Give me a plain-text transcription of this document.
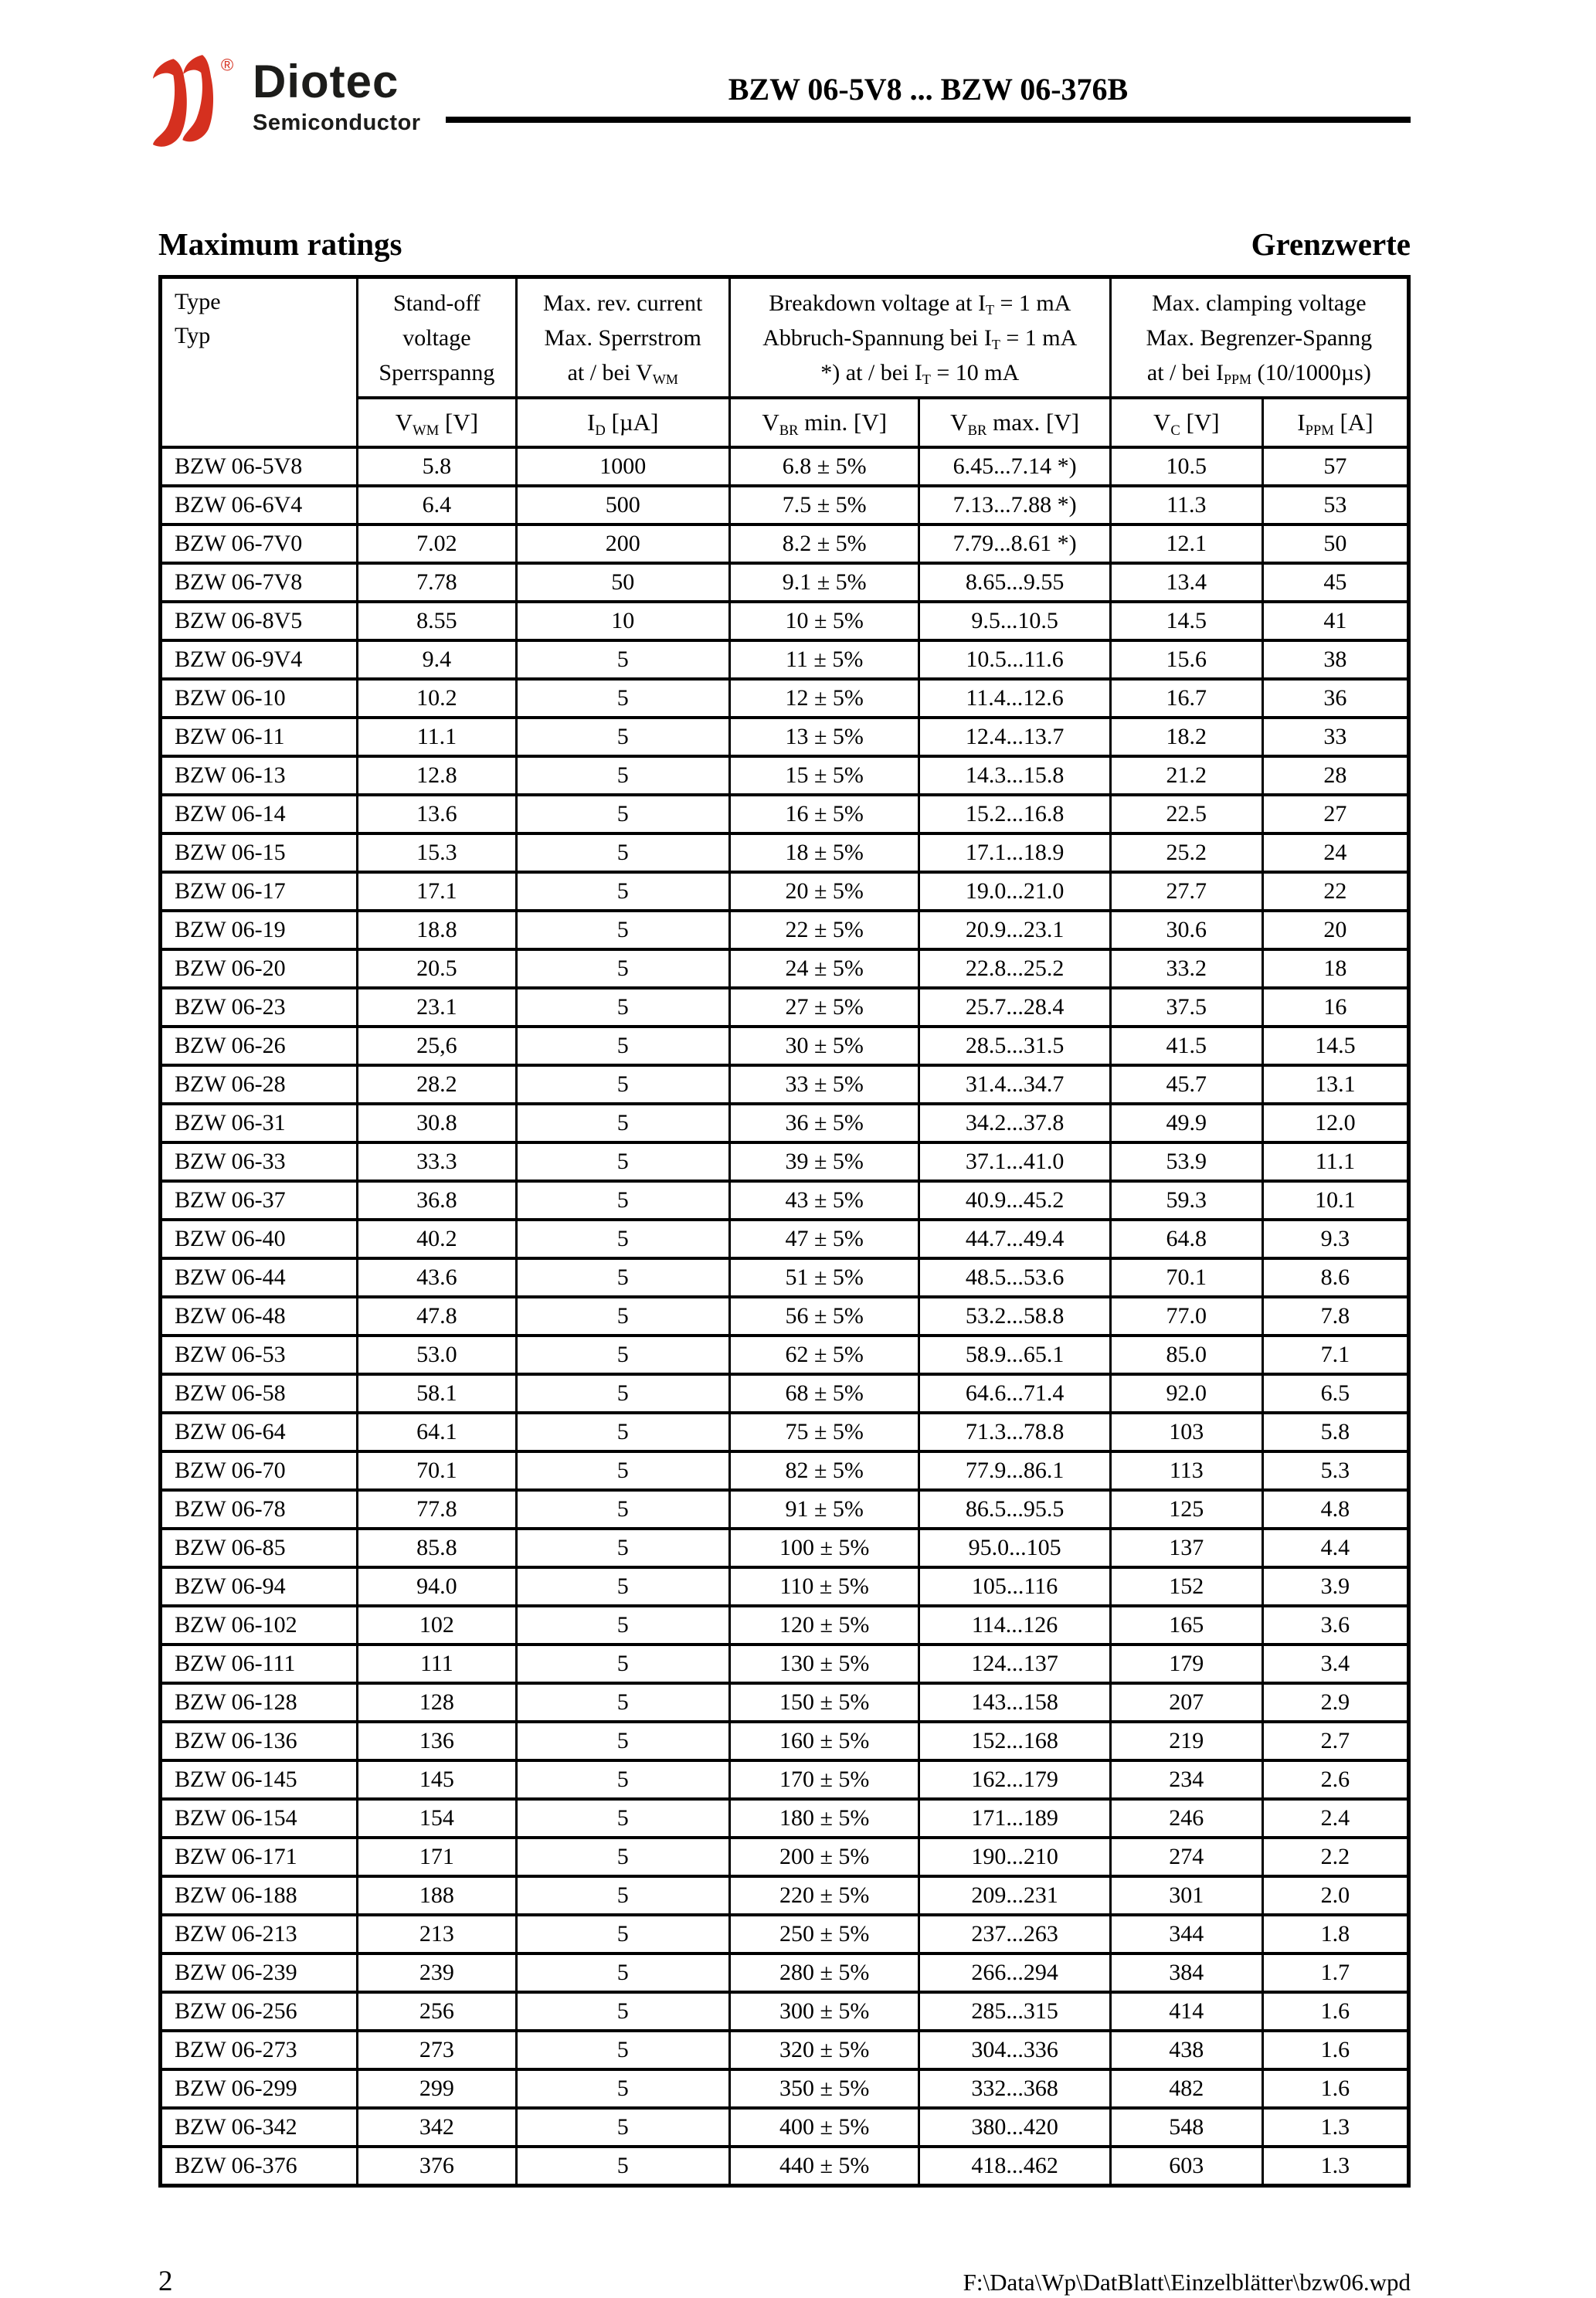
® Diotec
Semiconductor
BZW 06-5V8 ... BZW 06-376B
Maximum ratings	Grenzwerte
Type
Typ

Stand-off
voltage
Sperrspanng

Max. rev. current
Max. Sperrstrom
at / bei $V_{WM}$

Breakdown voltage at $I_T = 1$ mA
Abbruch-Spannung bei $I_T = 1$ mA
*) at / bei $I_T = 10$ mA

Max. clamping voltage
Max. Begrenzer-Spanng
at / bei $I_{PPM}$ (10/1000µs)

	$V_{WM}$ [V]	$I_D$ [µA]	$V_{BR}$ min. [V]	$V_{BR}$ max. [V]	$V_C$ [V]	$I_{PPM}$ [A]
BZW 06-5V8	5.8	1000	6.8 ± 5%	6.45...7.14 *)	10.5	57
BZW 06-6V4	6.4	500	7.5 ± 5%	7.13...7.88 *)	11.3	53
BZW 06-7V0	7.02	200	8.2 ± 5%	7.79...8.61 *)	12.1	50
BZW 06-7V8	7.78	50	9.1 ± 5%	8.65...9.55	13.4	45
BZW 06-8V5	8.55	10	10 ± 5%	9.5...10.5	14.5	41
BZW 06-9V4	9.4	5	11 ± 5%	10.5...11.6	15.6	38
BZW 06-10	10.2	5	12 ± 5%	11.4...12.6	16.7	36
BZW 06-11	11.1	5	13 ± 5%	12.4...13.7	18.2	33
BZW 06-13	12.8	5	15 ± 5%	14.3...15.8	21.2	28
BZW 06-14	13.6	5	16 ± 5%	15.2...16.8	22.5	27
BZW 06-15	15.3	5	18 ± 5%	17.1...18.9	25.2	24
BZW 06-17	17.1	5	20 ± 5%	19.0...21.0	27.7	22
BZW 06-19	18.8	5	22 ± 5%	20.9...23.1	30.6	20
BZW 06-20	20.5	5	24 ± 5%	22.8...25.2	33.2	18
BZW 06-23	23.1	5	27 ± 5%	25.7...28.4	37.5	16
BZW 06-26	25,6	5	30 ± 5%	28.5...31.5	41.5	14.5
BZW 06-28	28.2	5	33 ± 5%	31.4...34.7	45.7	13.1
BZW 06-31	30.8	5	36 ± 5%	34.2...37.8	49.9	12.0
BZW 06-33	33.3	5	39 ± 5%	37.1...41.0	53.9	11.1
BZW 06-37	36.8	5	43 ± 5%	40.9...45.2	59.3	10.1
BZW 06-40	40.2	5	47 ± 5%	44.7...49.4	64.8	9.3
BZW 06-44	43.6	5	51 ± 5%	48.5...53.6	70.1	8.6
BZW 06-48	47.8	5	56 ± 5%	53.2...58.8	77.0	7.8
BZW 06-53	53.0	5	62 ± 5%	58.9...65.1	85.0	7.1
BZW 06-58	58.1	5	68 ± 5%	64.6...71.4	92.0	6.5
BZW 06-64	64.1	5	75 ± 5%	71.3...78.8	103	5.8
BZW 06-70	70.1	5	82 ± 5%	77.9...86.1	113	5.3
BZW 06-78	77.8	5	91 ± 5%	86.5...95.5	125	4.8
BZW 06-85	85.8	5	100 ± 5%	95.0...105	137	4.4
BZW 06-94	94.0	5	110 ± 5%	105...116	152	3.9
BZW 06-102	102	5	120 ± 5%	114...126	165	3.6
BZW 06-111	111	5	130 ± 5%	124...137	179	3.4
BZW 06-128	128	5	150 ± 5%	143...158	207	2.9
BZW 06-136	136	5	160 ± 5%	152...168	219	2.7
BZW 06-145	145	5	170 ± 5%	162...179	234	2.6
BZW 06-154	154	5	180 ± 5%	171...189	246	2.4
BZW 06-171	171	5	200 ± 5%	190...210	274	2.2
BZW 06-188	188	5	220 ± 5%	209...231	301	2.0
BZW 06-213	213	5	250 ± 5%	237...263	344	1.8
BZW 06-239	239	5	280 ± 5%	266...294	384	1.7
BZW 06-256	256	5	300 ± 5%	285...315	414	1.6
BZW 06-273	273	5	320 ± 5%	304...336	438	1.6
BZW 06-299	299	5	350 ± 5%	332...368	482	1.6
BZW 06-342	342	5	400 ± 5%	380...420	548	1.3
BZW 06-376	376	5	440 ± 5%	418...462	603	1.3
2	F:\Data\Wp\DatBlatt\Einzelblätter\bzw06.wpd
